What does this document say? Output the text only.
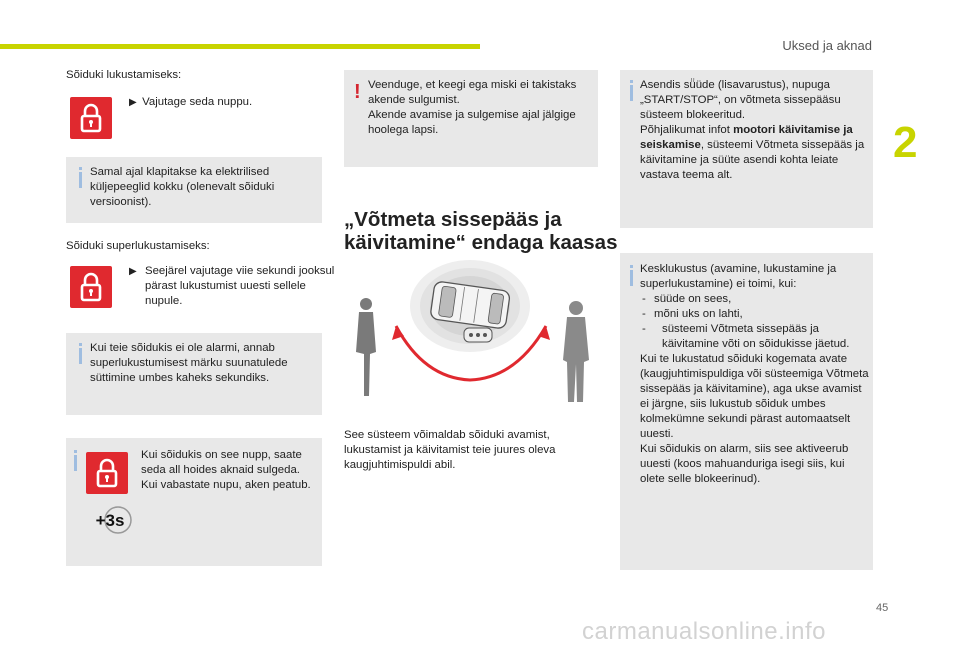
Uksed ja aknad
2
Sõiduki lukustamiseks:
▶ Vajutage seda nuppu.
Samal ajal klapitakse ka elektrilised küljepeeglid kokku (olenevalt sõiduki versioonist).
Sõiduki superlukustamiseks:
▶ Seejärel vajutage viie sekundi jooksul pärast lukustumist uuesti sellele nupule.
Kui teie sõidukis ei ole alarmi, annab superlukustumisest märku suunatulede süttimine umbes kaheks sekundiks.
+3s
Kui sõidukis on see nupp, saate seda all hoides aknaid sulgeda. Kui vabastate nupu, aken peatub.
! Veenduge, et keegi ega miski ei takistaks akende sulgumist.
Akende avamise ja sulgemise ajal jälgige hoolega lapsi.
„Võtmeta sissepääs ja
käivitamine“ endaga kaasas
See süsteem võimaldab sõiduki avamist, lukustamist ja käivitamist teie juures oleva kaugjuhtimispuldi abil.
Asendis sü̈üde (lisavarustus), nupuga „START/STOP“, on võtmeta sissepääsu süsteem blokeeritud.
Põhjalikumat infot mootori käivitamise ja seiskamise, süsteemi Võtmeta sissepääs ja käivitamine ja süüte asendi kohta leiate vastava teema alt.
Kesklukustus (avamine, lukustamine ja superlukustamine) ei toimi, kui:
- süüde on sees,
- mõni uks on lahti,
- süsteemi Võtmeta sissepääs ja käivitamine võti on sõidukisse jäetud.
Kui te lukustatud sõiduki kogemata avate (kaugjuhtimispuldiga või süsteemiga Võtmeta sissepääs ja käivitamine), aga ukse avamist ei järgne, siis lukustub sõiduk umbes kolmekümne sekundi pärast automaatselt uuesti.
Kui sõidukis on alarm, siis see aktiveerub uuesti (koos mahuanduriga isegi siis, kui olete selle blokeerinud).
45
carmanualsonline.info
